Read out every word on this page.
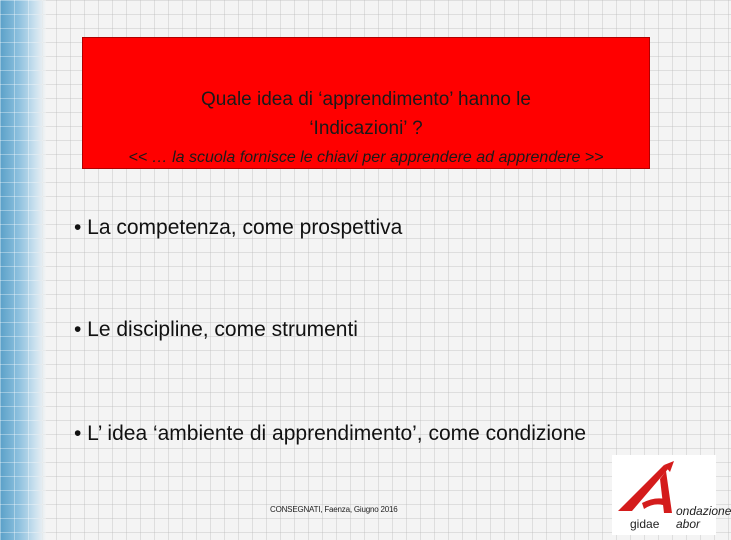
Quale idea di ‘apprendimento’ hanno le
‘Indicazioni’ ?
<< … la scuola fornisce le chiavi per apprendere ad apprendere >>
• La competenza, come prospettiva
• Le discipline, come strumenti
• L’ idea ‘ambiente di apprendimento’, come condizione
CONSEGNATI, Faenza, Giugno 2016
gidae
ondazione
abor
